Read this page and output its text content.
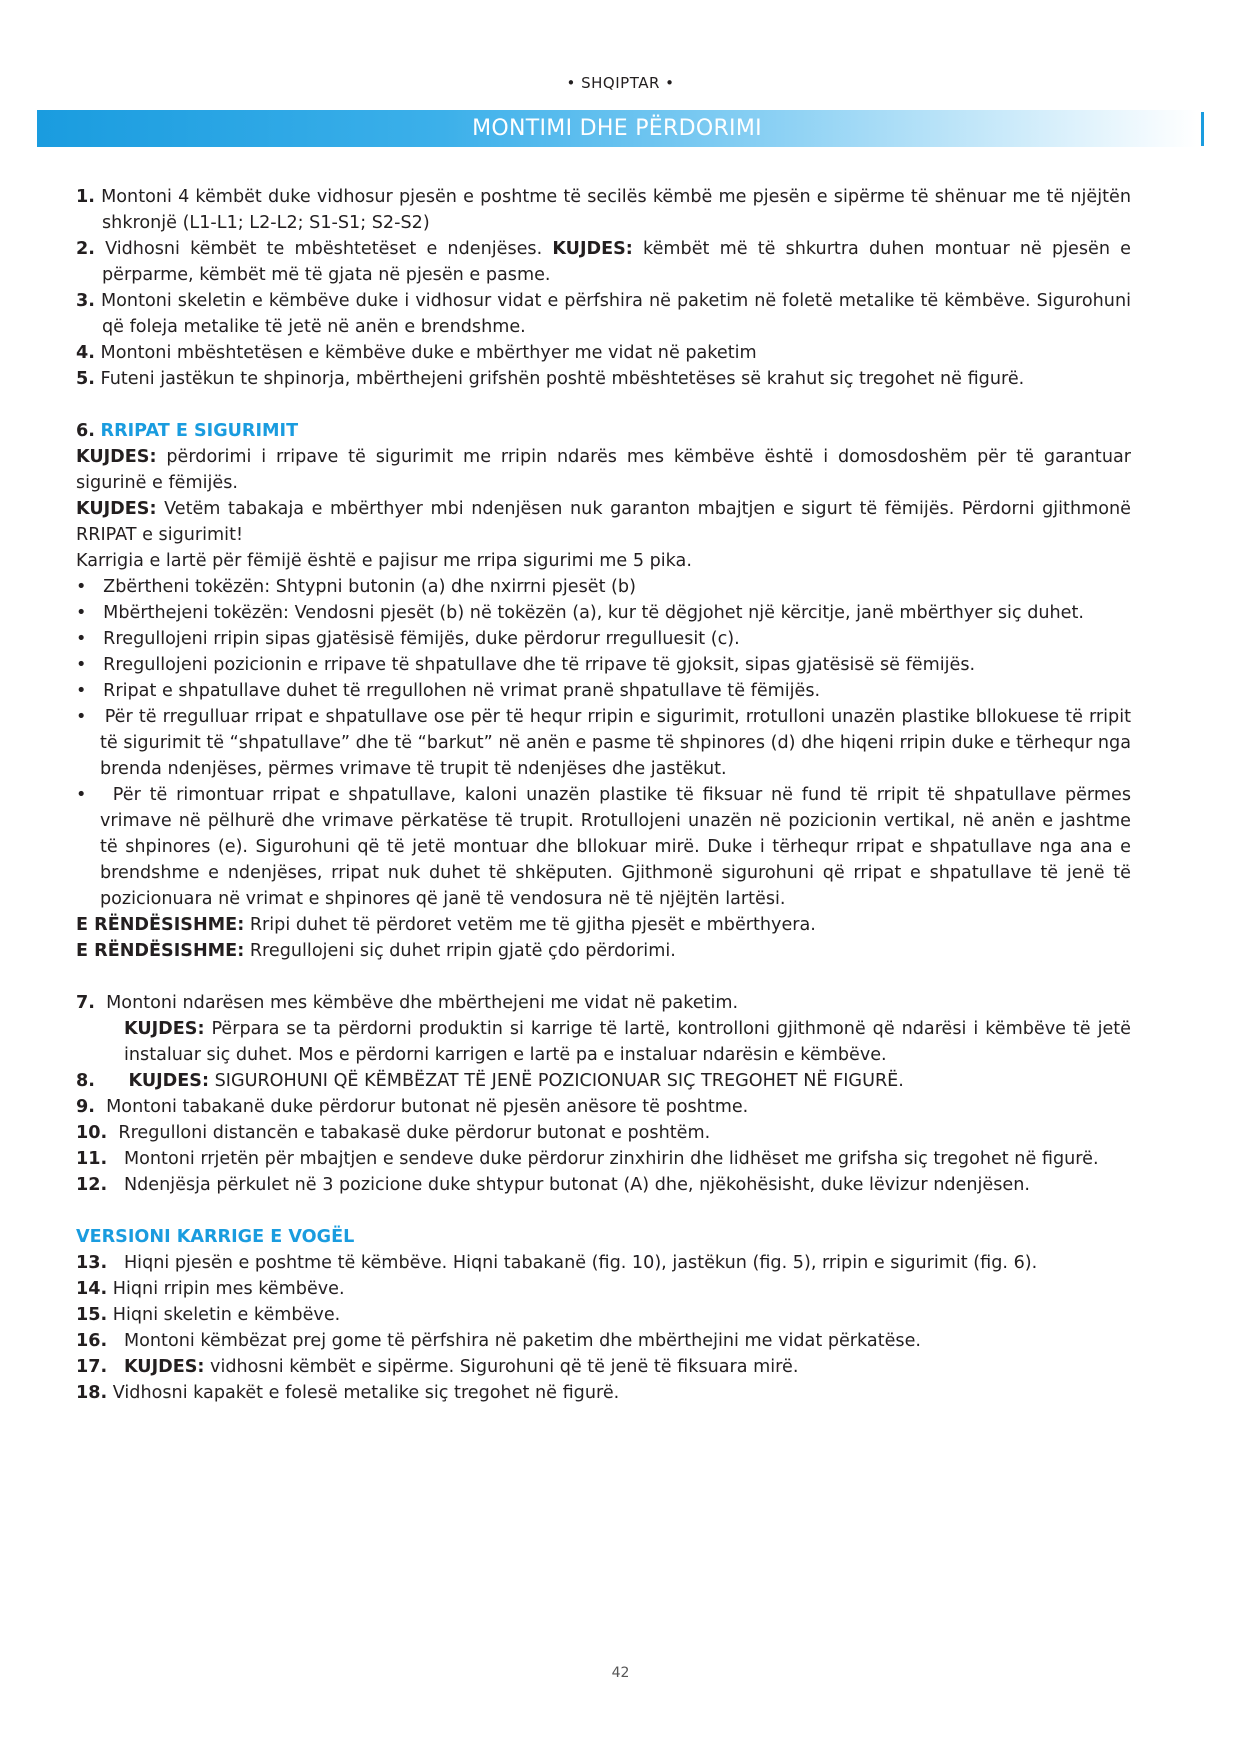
• SHQIPTAR •
MONTIMI DHE PËRDORIMI

1. Montoni 4 këmbët duke vidhosur pjesën e poshtme të secilës këmbë me pjesën e sipërme të shënuar me të njëjtën shkronjë (L1-L1; L2-L2; S1-S1; S2-S2)

2. Vidhosni këmbët te mbështetëset e ndenjëses. KUJDES: këmbët më të shkurtra duhen montuar në pjesën e përparme, këmbët më të gjata në pjesën e pasme.

3. Montoni skeletin e këmbëve duke i vidhosur vidat e përfshira në paketim në foletë metalike të këmbëve. Sigurohuni që foleja metalike të jetë në anën e brendshme.

4. Montoni mbështetësen e këmbëve duke e mbërthyer me vidat në paketim

5. Futeni jastëkun te shpinorja, mbërthejeni grifshën poshtë mbështetëses së krahut siç tregohet në figurë.

6. RRIPAT E SIGURIMIT

KUJDES: përdorimi i rripave të sigurimit me rripin ndarës mes këmbëve është i domosdoshëm për të garantuar sigurinë e fëmijës.

KUJDES: Vetëm tabakaja e mbërthyer mbi ndenjësen nuk garanton mbajtjen e sigurt të fëmijës. Përdorni gjithmonë RRIPAT e sigurimit!

Karrigia e lartë për fëmijë është e pajisur me rripa sigurimi me 5 pika.

• Zbërtheni tokëzën: Shtypni butonin (a) dhe nxirrni pjesët (b)

• Mbërthejeni tokëzën: Vendosni pjesët (b) në tokëzën (a), kur të dëgjohet një kërcitje, janë mbërthyer siç duhet.

• Rregullojeni rripin sipas gjatësisë fëmijës, duke përdorur rregulluesit (c).

• Rregullojeni pozicionin e rripave të shpatullave dhe të rripave të gjoksit, sipas gjatësisë së fëmijës.

• Rripat e shpatullave duhet të rregullohen në vrimat pranë shpatullave të fëmijës.

• Për të rregulluar rripat e shpatullave ose për të hequr rripin e sigurimit, rrotulloni unazën plastike bllokuese të rripit të sigurimit të “shpatullave” dhe të “barkut” në anën e pasme të shpinores (d) dhe hiqeni rripin duke e tërhequr nga brenda ndenjëses, përmes vrimave të trupit të ndenjëses dhe jastëkut.

• Për të rimontuar rripat e shpatullave, kaloni unazën plastike të fiksuar në fund të rripit të shpatullave përmes vrimave në pëlhurë dhe vrimave përkatëse të trupit. Rrotullojeni unazën në pozicionin vertikal, në anën e jashtme të shpinores (e). Sigurohuni që të jetë montuar dhe bllokuar mirë. Duke i tërhequr rripat e shpatullave nga ana e brendshme e ndenjëses, rripat nuk duhet të shkëputen. Gjithmonë sigurohuni që rripat e shpatullave të jenë të pozicionuara në vrimat e shpinores që janë të vendosura në të njëjtën lartësi.

E RËNDËSISHME: Rripi duhet të përdoret vetëm me të gjitha pjesët e mbërthyera.

E RËNDËSISHME: Rregullojeni siç duhet rripin gjatë çdo përdorimi.

7. Montoni ndarësen mes këmbëve dhe mbërthejeni me vidat në paketim.

KUJDES: Përpara se ta përdorni produktin si karrige të lartë, kontrolloni gjithmonë që ndarësi i këmbëve të jetë instaluar siç duhet. Mos e përdorni karrigen e lartë pa e instaluar ndarësin e këmbëve.

8. KUJDES: SIGUROHUNI QË KËMBËZAT TË JENË POZICIONUAR SIÇ TREGOHET NË FIGURË.

9. Montoni tabakanë duke përdorur butonat në pjesën anësore të poshtme.

10. Rregulloni distancën e tabakasë duke përdorur butonat e poshtëm.

11. Montoni rrjetën për mbajtjen e sendeve duke përdorur zinxhirin dhe lidhëset me grifsha siç tregohet në figurë.

12. Ndenjësja përkulet në 3 pozicione duke shtypur butonat (A) dhe, njëkohësisht, duke lëvizur ndenjësen.

VERSIONI KARRIGE E VOGËL

13. Hiqni pjesën e poshtme të këmbëve. Hiqni tabakanë (fig. 10), jastëkun (fig. 5), rripin e sigurimit (fig. 6).

14. Hiqni rripin mes këmbëve.

15. Hiqni skeletin e këmbëve.

16. Montoni këmbëzat prej gome të përfshira në paketim dhe mbërthejini me vidat përkatëse.

17. KUJDES: vidhosni këmbët e sipërme. Sigurohuni që të jenë të fiksuara mirë.

18. Vidhosni kapakët e folesë metalike siç tregohet në figurë.

42
